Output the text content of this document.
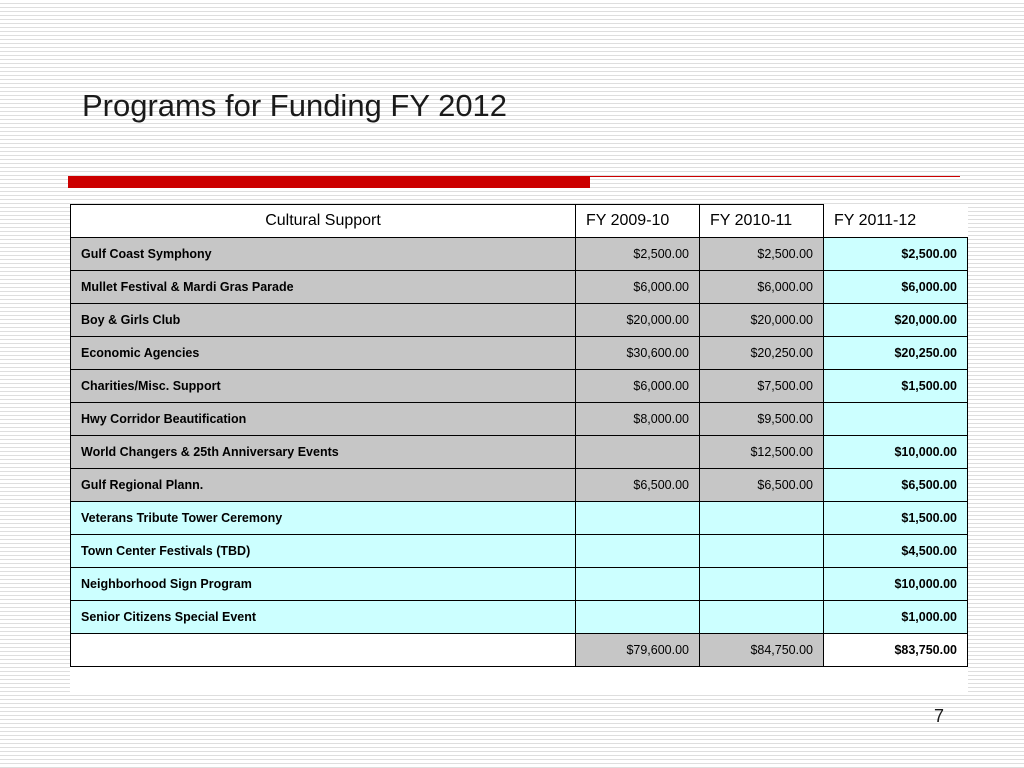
Programs for Funding FY 2012
Cultural Support	FY 2009-10	FY 2010-11	FY 2011-12
Gulf Coast Symphony	$2,500.00	$2,500.00	$2,500.00
Mullet Festival & Mardi Gras Parade	$6,000.00	$6,000.00	$6,000.00
Boy & Girls Club	$20,000.00	$20,000.00	$20,000.00
Economic Agencies	$30,600.00	$20,250.00	$20,250.00
Charities/Misc. Support	$6,000.00	$7,500.00	$1,500.00
Hwy Corridor Beautification	$8,000.00	$9,500.00	
World Changers & 25th Anniversary Events		$12,500.00	$10,000.00
Gulf Regional Plann.	$6,500.00	$6,500.00	$6,500.00
Veterans Tribute Tower Ceremony			$1,500.00
Town Center Festivals (TBD)			$4,500.00
Neighborhood Sign Program			$10,000.00
Senior Citizens Special Event			$1,000.00
	$79,600.00	$84,750.00	$83,750.00
7
